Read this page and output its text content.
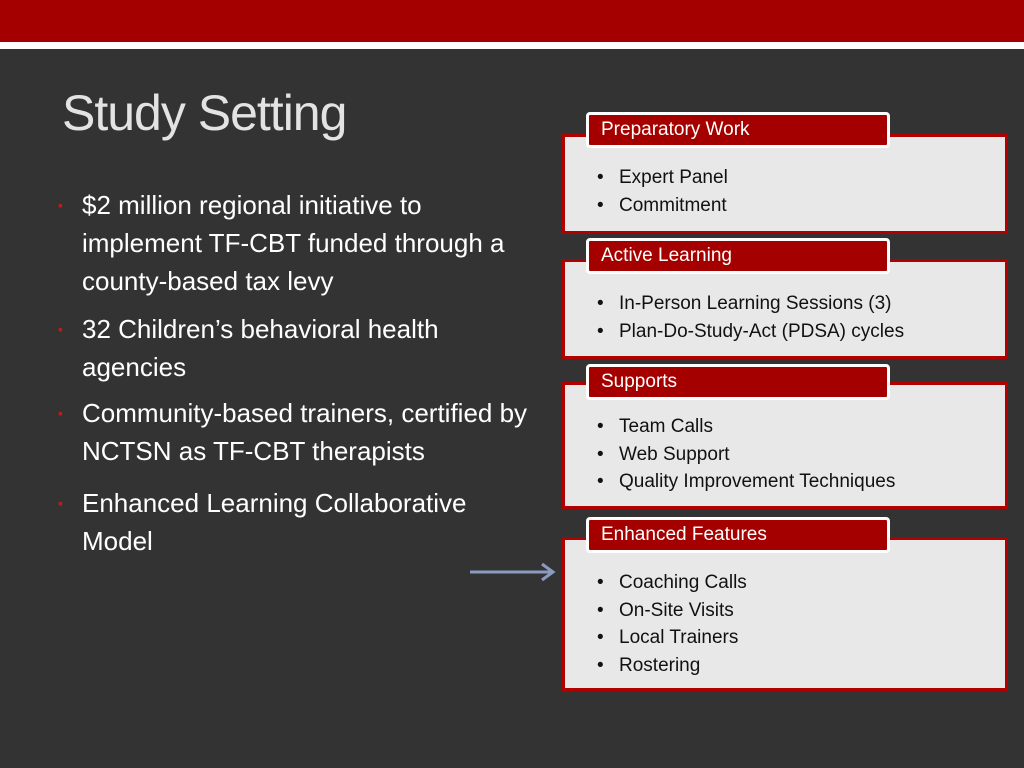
Study Setting
▪ $2 million regional initiative to implement TF-CBT funded through a county-based tax levy
▪ 32 Children’s behavioral health agencies
▪ Community-based trainers, certified by NCTSN as TF-CBT therapists
▪ Enhanced Learning Collaborative Model
• Expert Panel
• Commitment
Preparatory Work
• In-Person Learning Sessions (3)
• Plan-Do-Study-Act (PDSA) cycles
Active Learning
• Team Calls
• Web Support
• Quality Improvement Techniques
Supports
• Coaching Calls
• On-Site Visits
• Local Trainers
• Rostering
Enhanced Features
